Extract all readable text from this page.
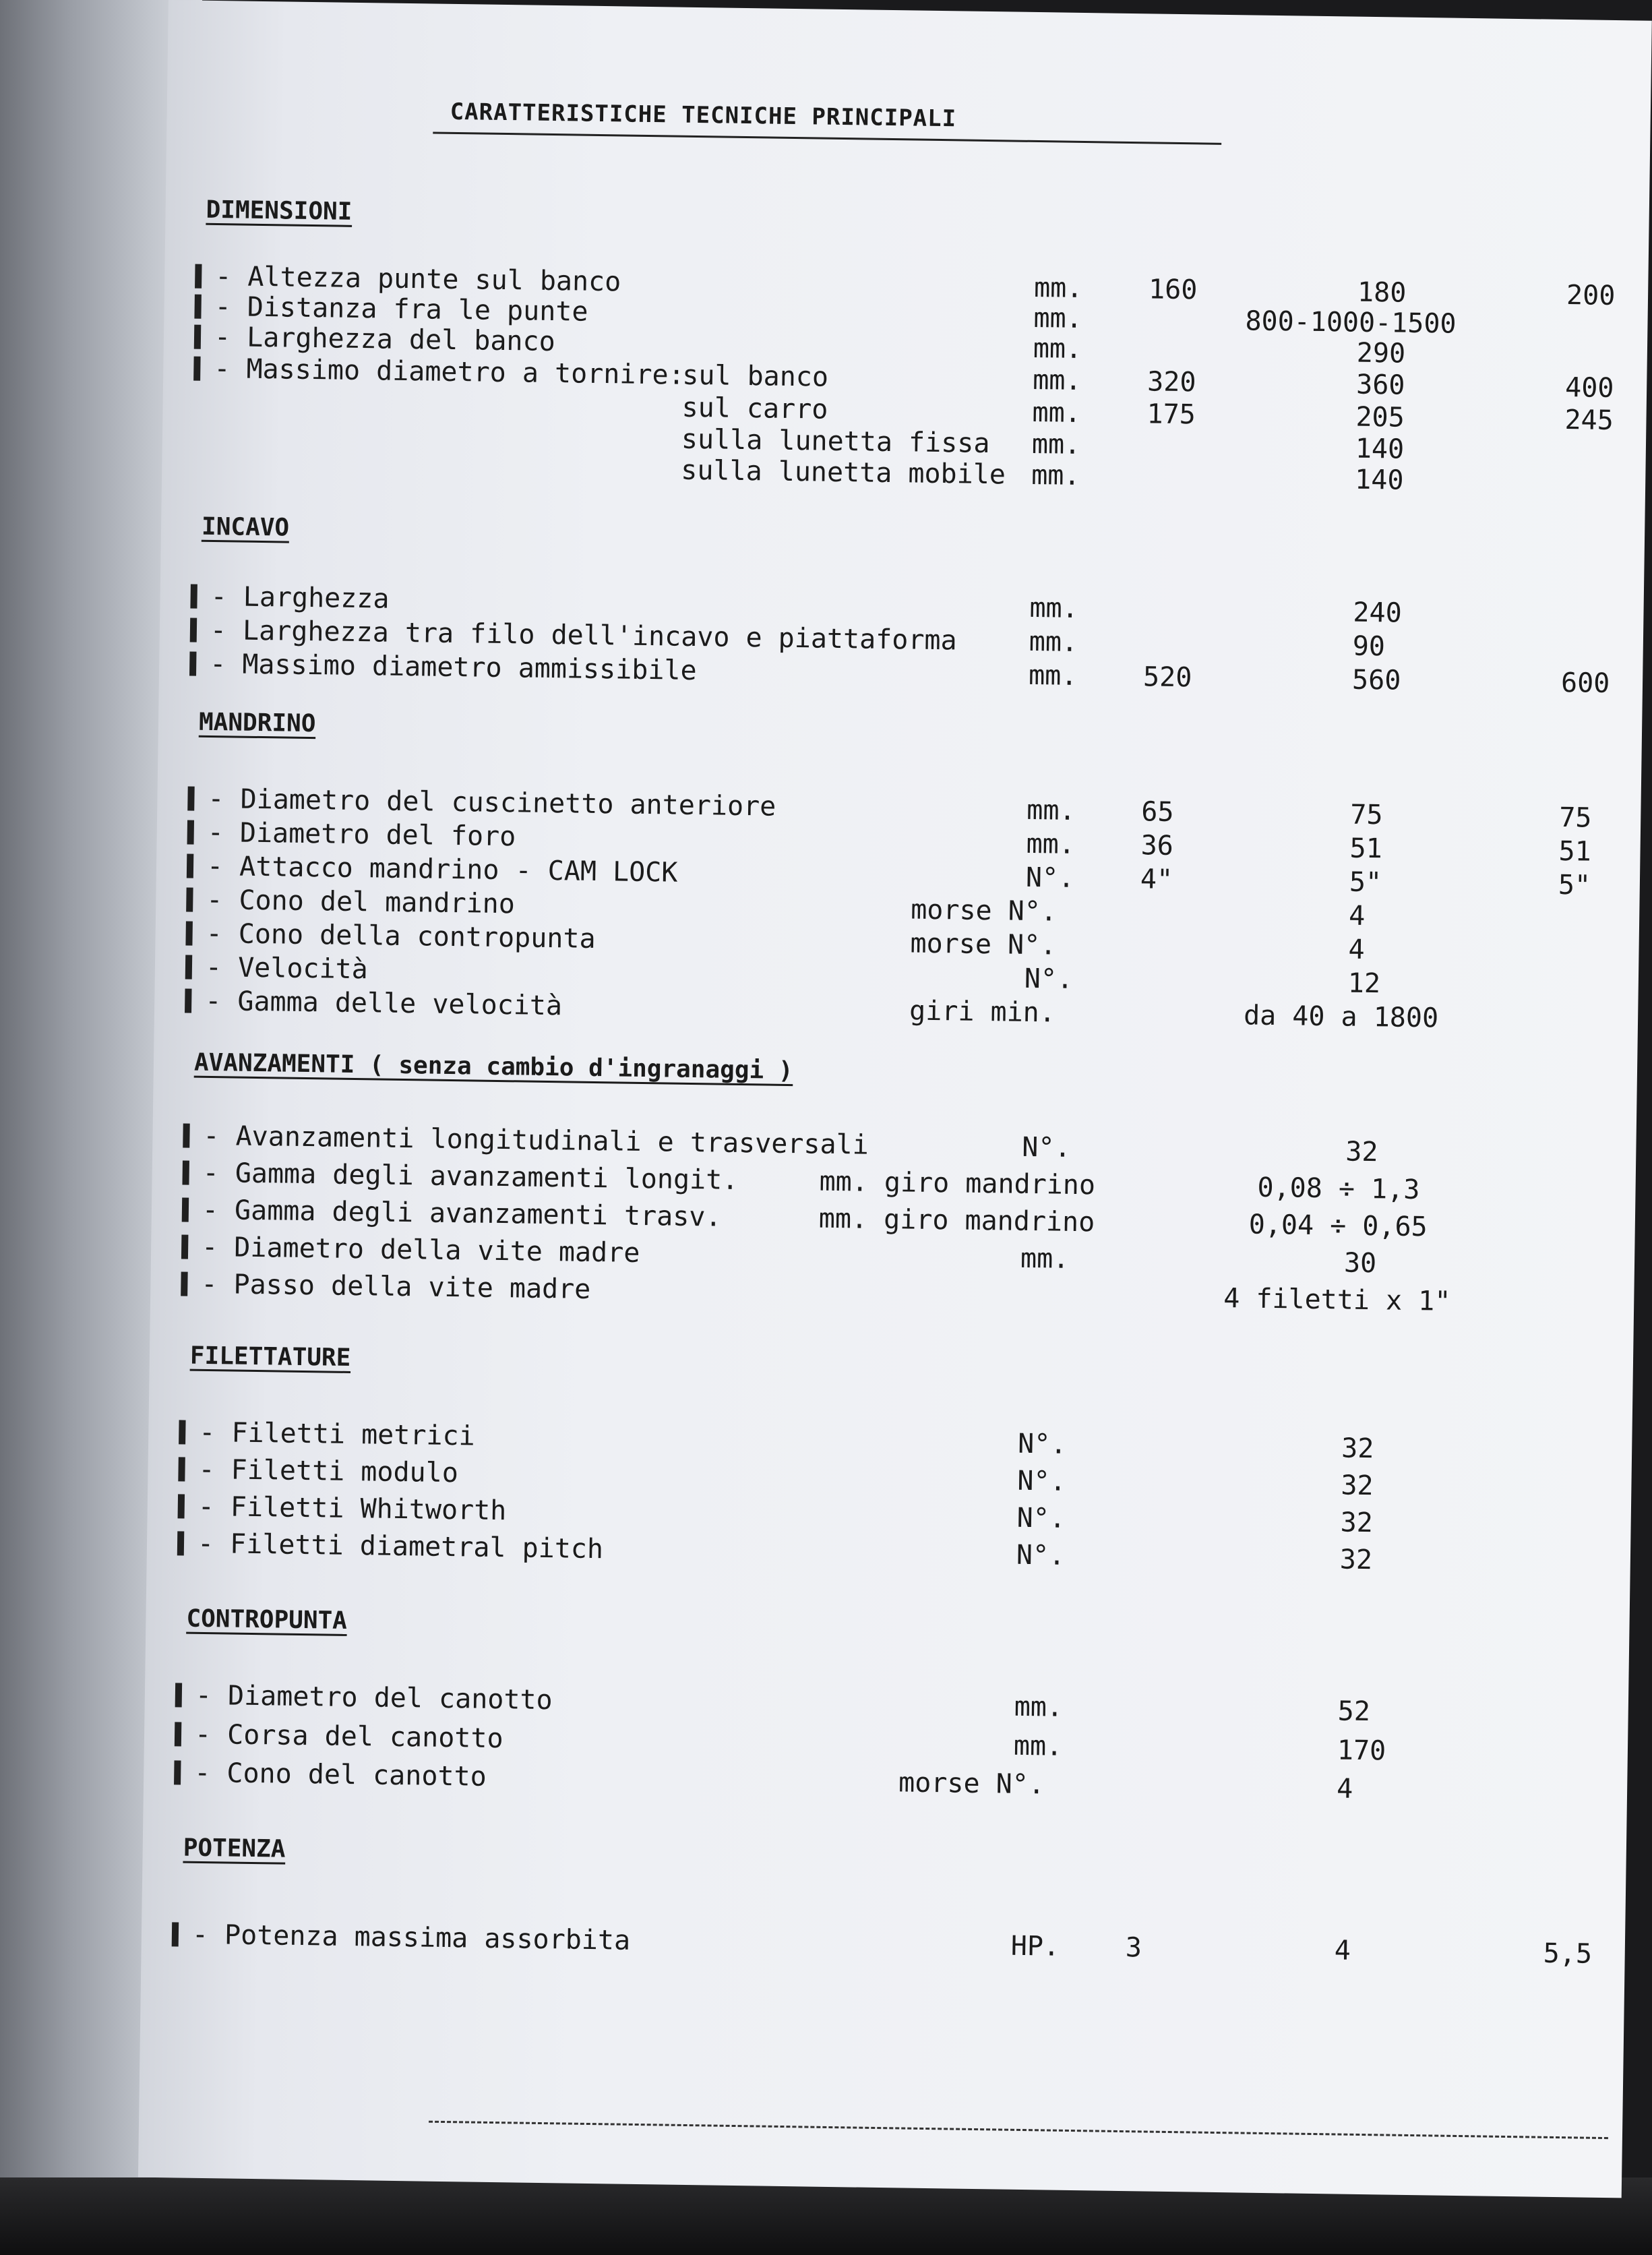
CARATTERISTICHE TECNICHE PRINCIPALI
DIMENSIONI
- Altezza punte sul banco	mm. 160	180	200
- Distanza fra le punte	mm.	800-1000-1500
- Larghezza del banco	mm.	290
- Massimo diametro a tornire:
sul banco	mm. 320	360	400
sul carro	mm. 175	205	245
sulla lunetta fissa mm.	140
sulla lunetta mobile mm.	140
INCAVO
- Larghezza	mm.	240
- Larghezza tra filo dell'incavo e piattaforma	mm.	90
- Massimo diametro ammissibile	mm. 520	560	600
MANDRINO
- Diametro del cuscinetto anteriore	mm. 65	75	75
- Diametro del foro	mm. 36	51	51
- Attacco mandrino - CAM LOCK	N°. 4"	5"	5"
- Cono del mandrino	morse N°.	4
- Cono della contropunta	morse N°.	4
- Velocità	N°.	12
- Gamma delle velocità	giri min.	da 40 a 1800
AVANZAMENTI ( senza cambio d'ingranaggi )
- Avanzamenti longitudinali e trasversali	N°.	32
- Gamma degli avanzamenti longit.	mm. giro mandrino	0,08 ÷ 1,3
- Gamma degli avanzamenti trasv.	mm. giro mandrino	0,04 ÷ 0,65
- Diametro della vite madre	mm.	30
- Passo della vite madre	4 filetti x 1"
FILETTATURE
- Filetti metrici	N°.	32
- Filetti modulo	N°.	32
- Filetti Whitworth	N°.	32
- Filetti diametral pitch	N°.	32
CONTROPUNTA
- Diametro del canotto	mm.	52
- Corsa del canotto	mm.	170
- Cono del canotto	morse N°.	4
POTENZA
- Potenza massima assorbita	HP. 3	4	5,5
